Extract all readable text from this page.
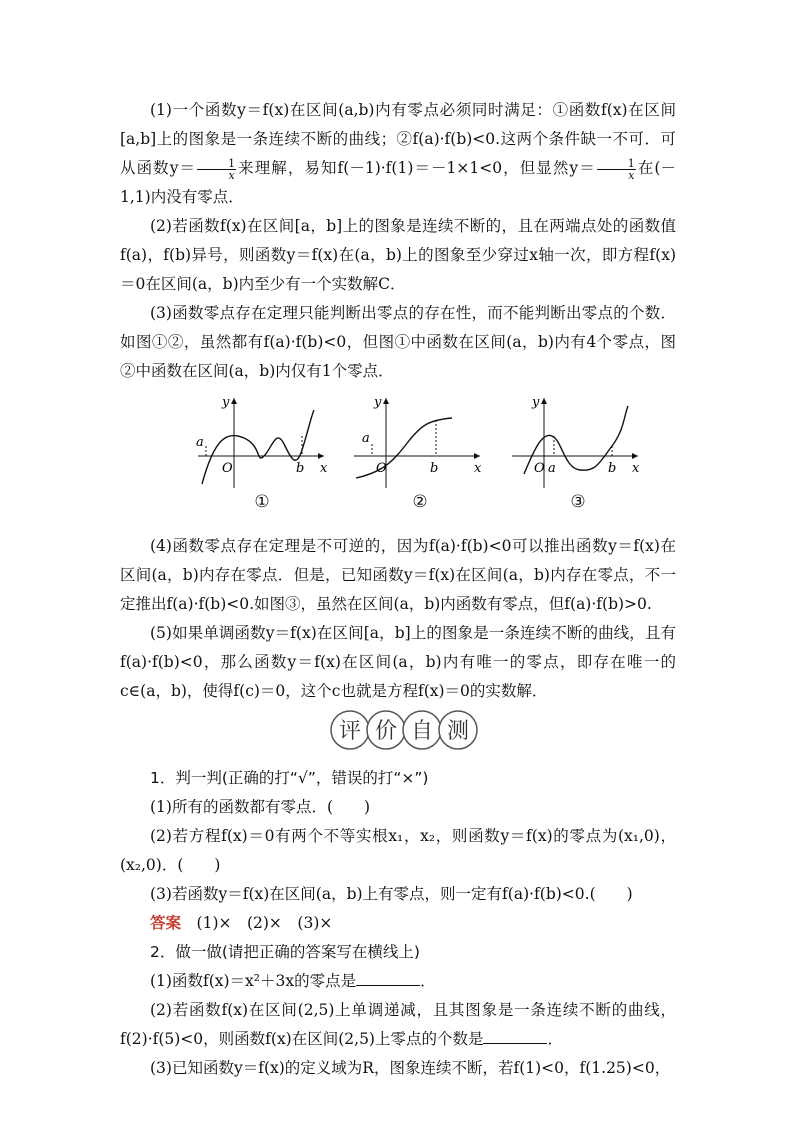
(1)一个函数y＝f(x)在区间(a,b)内有零点必须同时满足：①函数f(x)在区间[a,b]上的图象是一条连续不断的曲线；②f(a)·f(b)<0.这两个条件缺一不可．可从函数$y= \frac{1}{x}$ 来理解，易知f(－1)·f(1)＝－1×1<0，但显然$y= \frac{1}{x}$ 在(－1,1)内没有零点．

(2)若函数f(x)在区间[a，b]上的图象是连续不断的，且在两端点处的函数值f(a)，f(b)异号，则函数y＝f(x)在(a，b)上的图象至少穿过x轴一次，即方程f(x)＝0在区间(a，b)内至少有一个实数解C．

(3)函数零点存在定理只能判断出零点的存在性，而不能判断出零点的个数．如图①②，虽然都有f(a)·f(b)<0，但图①中函数在区间(a，b)内有4个零点，图②中函数在区间(a，b)内仅有1个零点．

y
x
O
a
b
①
y
x
O
a
b
②
y
x
O a	b
③

(4)函数零点存在定理是不可逆的，因为f(a)·f(b)<0可以推出函数y＝f(x)在区间(a，b)内存在零点．但是，已知函数y＝f(x)在区间(a，b)内存在零点，不一定推出f(a)·f(b)<0.如图③，虽然在区间(a，b)内函数有零点，但f(a)·f(b)>0.

(5)如果单调函数y＝f(x)在区间[a，b]上的图象是一条连续不断的曲线，且有f(a)·f(b)<0，那么函数y＝f(x)在区间(a，b)内有唯一的零点，即存在唯一的c∈(a，b)，使得f(c)＝0，这个c也就是方程f(x)＝0的实数解．

评 价 自 测

1．判一判(正确的打“√”，错误的打“×”)

(1)所有的函数都有零点．(　　)

(2)若方程f(x)＝0有两个不等实根x₁，x₂，则函数y＝f(x)的零点为(x₁,0)，(x₂,0)．(　　)

(3)若函数y＝f(x)在区间(a，b)上有零点，则一定有f(a)·f(b)<0.(　　)

答案　 (1)×　(2)×　(3)×

2．做一做(请把正确的答案写在横线上)

(1)函数f(x)＝x²＋3x的零点是	．

(2)若函数f(x)在区间(2,5)上单调递减，且其图象是一条连续不断的曲线，f(2)·f(5)<0，则函数f(x)在区间(2,5)上零点的个数是	．

(3)已知函数y＝f(x)的定义域为R，图象连续不断，若f(1)<0，f(1.25)<0，
